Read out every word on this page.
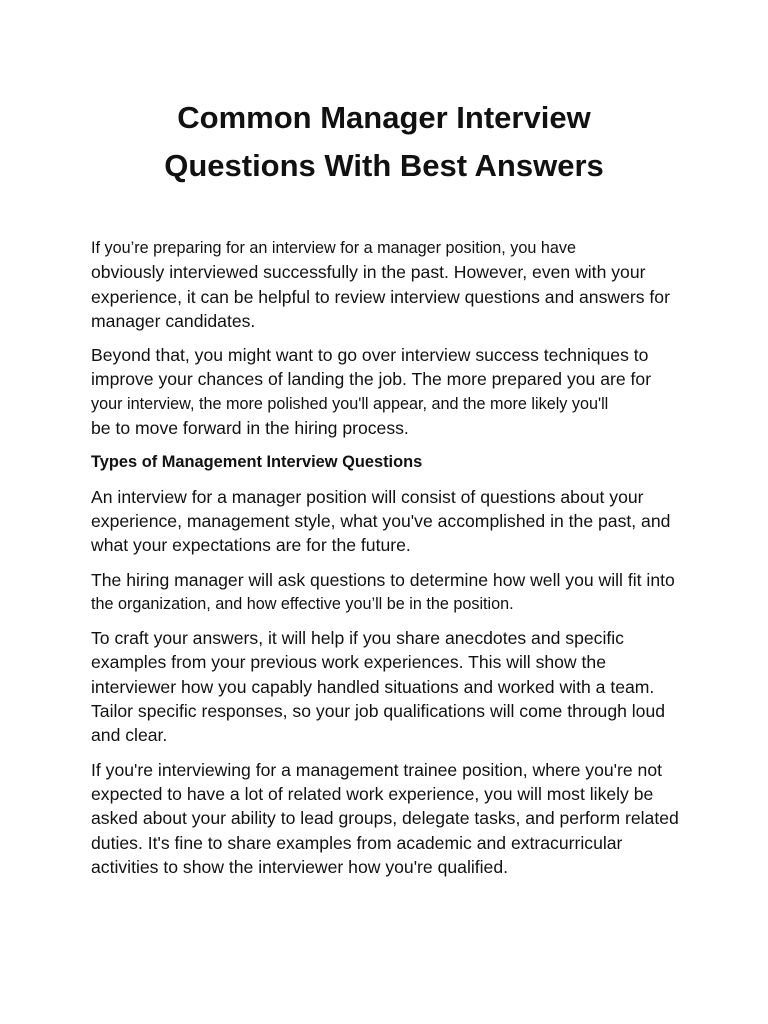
Common Manager Interview
Questions With Best Answers

If you’re preparing for an interview for a manager position, you have
obviously interviewed successfully in the past. However, even with your
experience, it can be helpful to review interview questions and answers for
manager candidates.

Beyond that, you might want to go over interview success techniques to
improve your chances of landing the job. The more prepared you are for
your interview, the more polished you'll appear, and the more likely you'll
be to move forward in the hiring process.

Types of Management Interview Questions

An interview for a manager position will consist of questions about your
experience, management style, what you've accomplished in the past, and
what your expectations are for the future.

The hiring manager will ask questions to determine how well you will fit into
the organization, and how effective you’ll be in the position.

To craft your answers, it will help if you share anecdotes and specific
examples from your previous work experiences. This will show the
interviewer how you capably handled situations and worked with a team.
Tailor specific responses, so your job qualifications will come through loud
and clear.

If you're interviewing for a management trainee position, where you're not
expected to have a lot of related work experience, you will most likely be
asked about your ability to lead groups, delegate tasks, and perform related
duties. It's fine to share examples from academic and extracurricular
activities to show the interviewer how you're qualified.
